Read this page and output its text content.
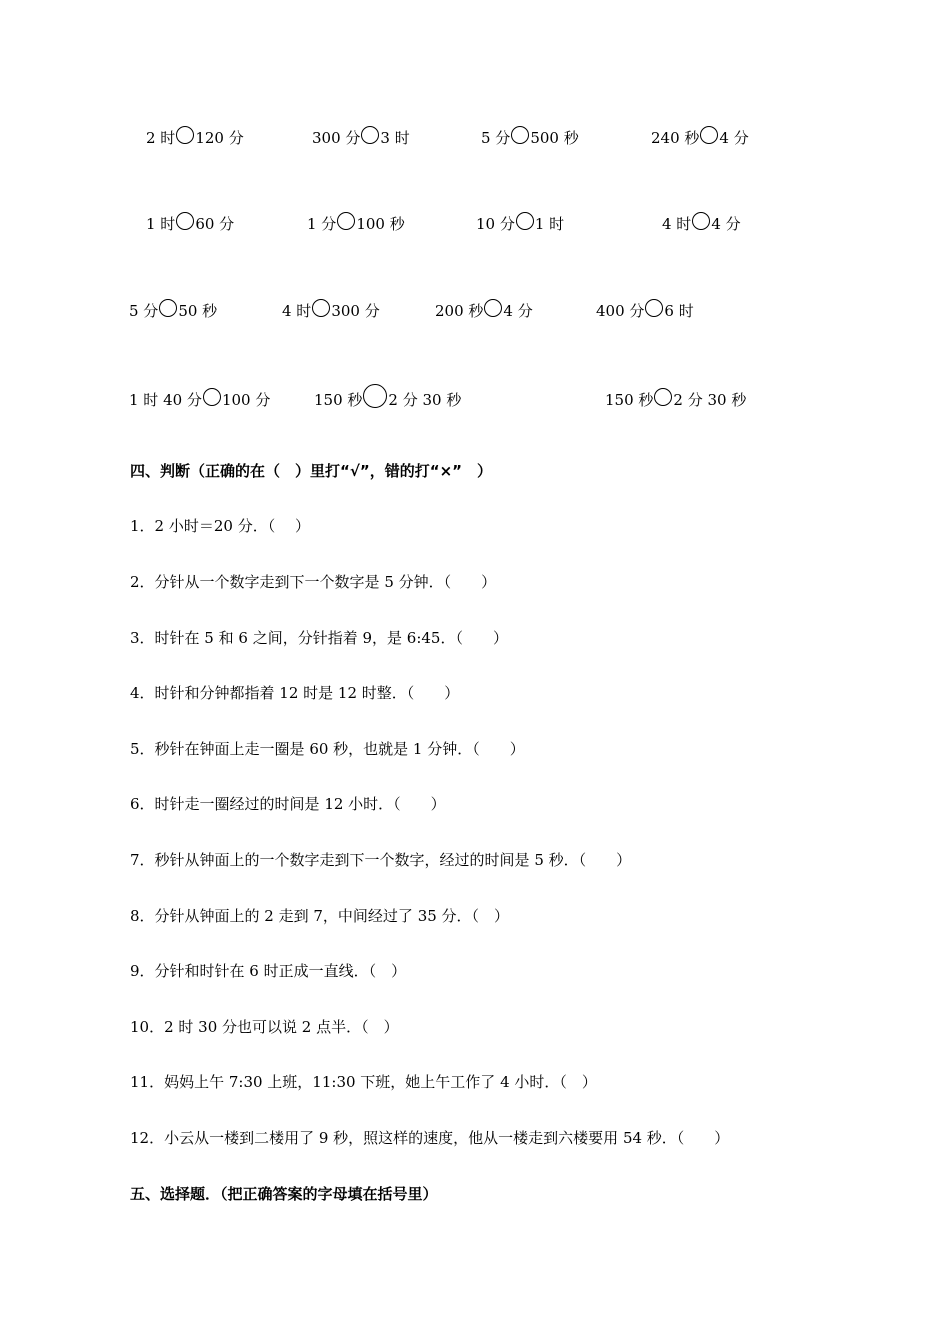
2 时 120 分	300 分 3 时	5 分 500 秒	240 秒 4 分
1 时 60 分	1 分 100 秒	10 分 1 时	4 时 4 分
5 分 50 秒	4 时 300 分	200 秒 4 分	400 分 6 时
1 时 40 分 100 分	150 秒 2 分 30 秒	150 秒 2 分 30 秒
四、判断（正确的在（　）里打“√”，错的打“×”　）
1．2 小时＝20 分．（　 ）
2．分针从一个数字走到下一个数字是 5 分钟．（　　）
3．时针在 5 和 6 之间，分针指着 9，是 6:45．（　　）
4．时针和分钟都指着 12 时是 12 时整．（　　）
5．秒针在钟面上走一圈是 60 秒，也就是 1 分钟．（　　）
6．时针走一圈经过的时间是 12 小时．（　　）
7．秒针从钟面上的一个数字走到下一个数字，经过的时间是 5 秒．（　　）
8．分针从钟面上的 2 走到 7，中间经过了 35 分．（　）
9．分针和时针在 6 时正成一直线．（　）
10．2 时 30 分也可以说 2 点半．（　）
11．妈妈上午 7:30 上班，11:30 下班，她上午工作了 4 小时．（　）
12．小云从一楼到二楼用了 9 秒，照这样的速度，他从一楼走到六楼要用 54 秒．（　　）
五、选择题．（把正确答案的字母填在括号里）
